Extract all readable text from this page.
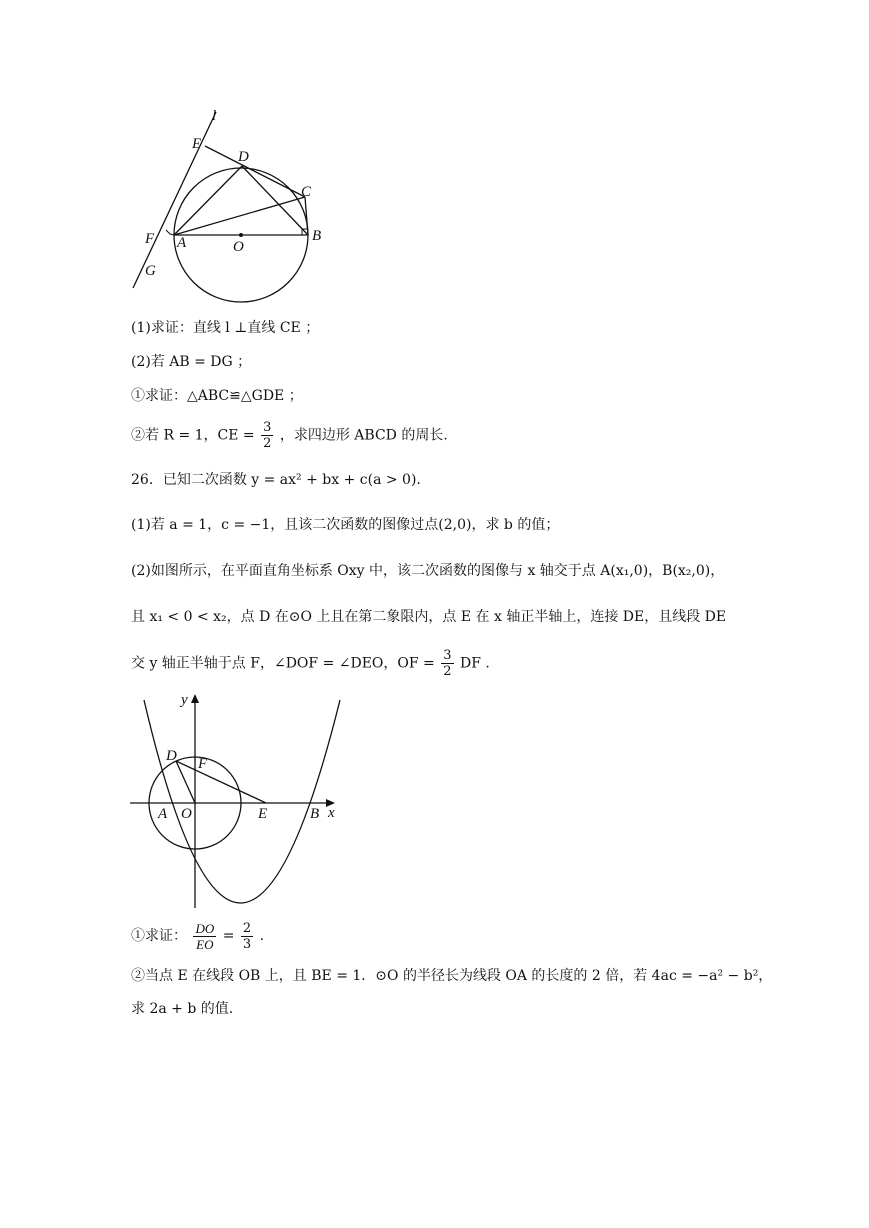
l
E
D
C
F A	O
B
G
(1)求证：直线 l ⊥直线 CE ；
(2)若 AB = DG ；
①求证：△ABC≌△GDE ；
②若 R = 1，CE = $\frac{3}{2}$ ，求四边形 ABCD 的周长.
26．已知二次函数 y = ax² + bx + c(a > 0).
(1)若 a = 1，c = −1，且该二次函数的图像过点(2,0)，求 b 的值；
(2)如图所示，在平面直角坐标系 Oxy 中，该二次函数的图像与 x 轴交于点 A(x₁,0)，B(x₂,0)，
且 x₁ < 0 < x₂，点 D 在⊙O 上且在第二象限内，点 E 在 x 轴正半轴上，连接 DE，且线段 DE
交 y 轴正半轴于点 F，∠DOF = ∠DEO，OF = $\frac{3}{2}$ DF .
y
x
D F
A O	E	B
①求证： $\frac{DO}{EO} = \frac{2}{3}$ .
②当点 E 在线段 OB 上，且 BE = 1．⊙O 的半径长为线段 OA 的长度的 2 倍，若 4ac = −a² − b²，
求 2a + b 的值.
